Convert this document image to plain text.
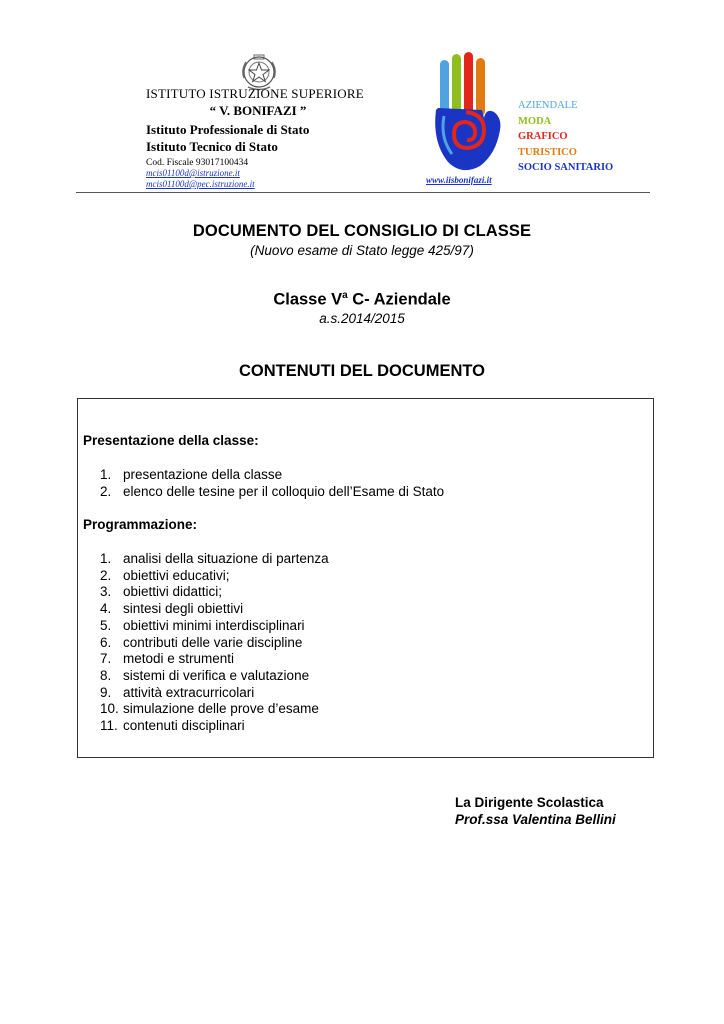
ISTITUTO ISTRUZIONE SUPERIORE
“ V. BONIFAZI ”
Istituto Professionale di Stato
Istituto Tecnico di Stato
Cod. Fiscale 93017100434
mcis01100d@istruzione.it
mcis01100d@pec.istruzione.it	www.iisbonifazi.it
AZIENDALE
MODA
GRAFICO
TURISTICO
SOCIO SANITARIO
DOCUMENTO DEL CONSIGLIO DI CLASSE
(Nuovo esame di Stato legge 425/97)
Classe $V^a$ C- Aziendale
a.s.2014/2015
CONTENUTI DEL DOCUMENTO
Presentazione della classe:
1. presentazione della classe
2. elenco delle tesine per il colloquio dell’Esame di Stato
Programmazione:
1. analisi della situazione di partenza
2. obiettivi educativi;
3. obiettivi didattici;
4. sintesi degli obiettivi
5. obiettivi minimi interdisciplinari
6. contributi delle varie discipline
7. metodi e strumenti
8. sistemi di verifica e valutazione
9. attività extracurricolari
10. simulazione delle prove d’esame
11. contenuti disciplinari
La Dirigente Scolastica
Prof.ssa Valentina Bellini
